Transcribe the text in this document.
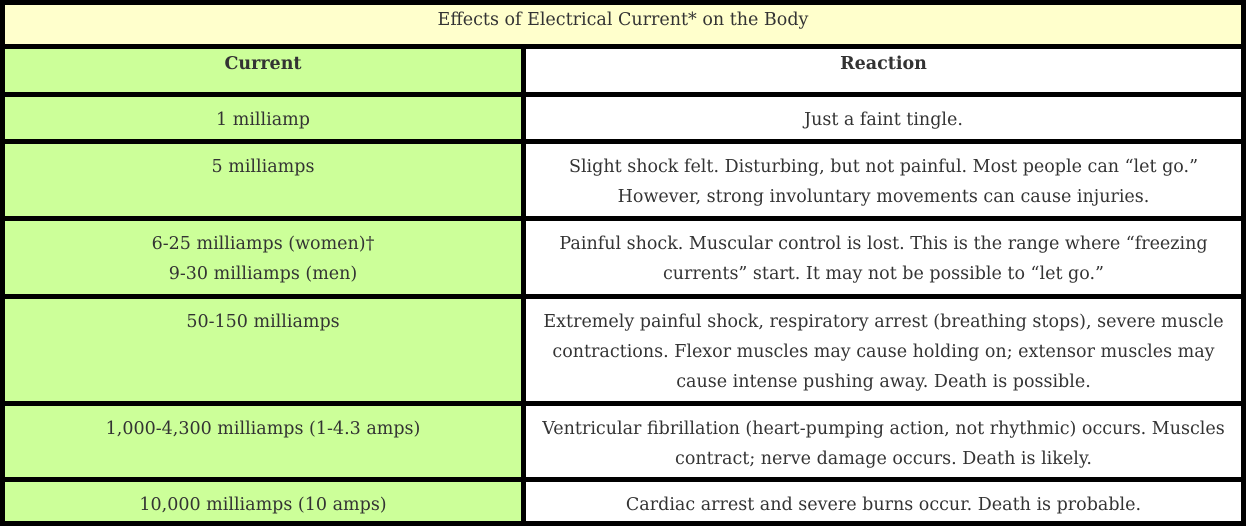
Effects of Electrical Current* on the Body	
Current	Reaction

1 milliamp	Just a faint tingle.

5 milliamps	Slight shock felt. Disturbing, but not painful. Most people can “let go.” However, strong involuntary movements can cause injuries.

6-25 milliamps (women)†
9-30 milliamps (men)	Painful shock. Muscular control is lost. This is the range where “freezing currents” start. It may not be possible to “let go.”

50-150 milliamps	Extremely painful shock, respiratory arrest (breathing stops), severe muscle contractions. Flexor muscles may cause holding on; extensor muscles may cause intense pushing away. Death is possible.

1,000-4,300 milliamps (1-4.3 amps)	Ventricular fibrillation (heart-pumping action, not rhythmic) occurs. Muscles contract; nerve damage occurs. Death is likely.

10,000 milliamps (10 amps)	Cardiac arrest and severe burns occur. Death is probable.
